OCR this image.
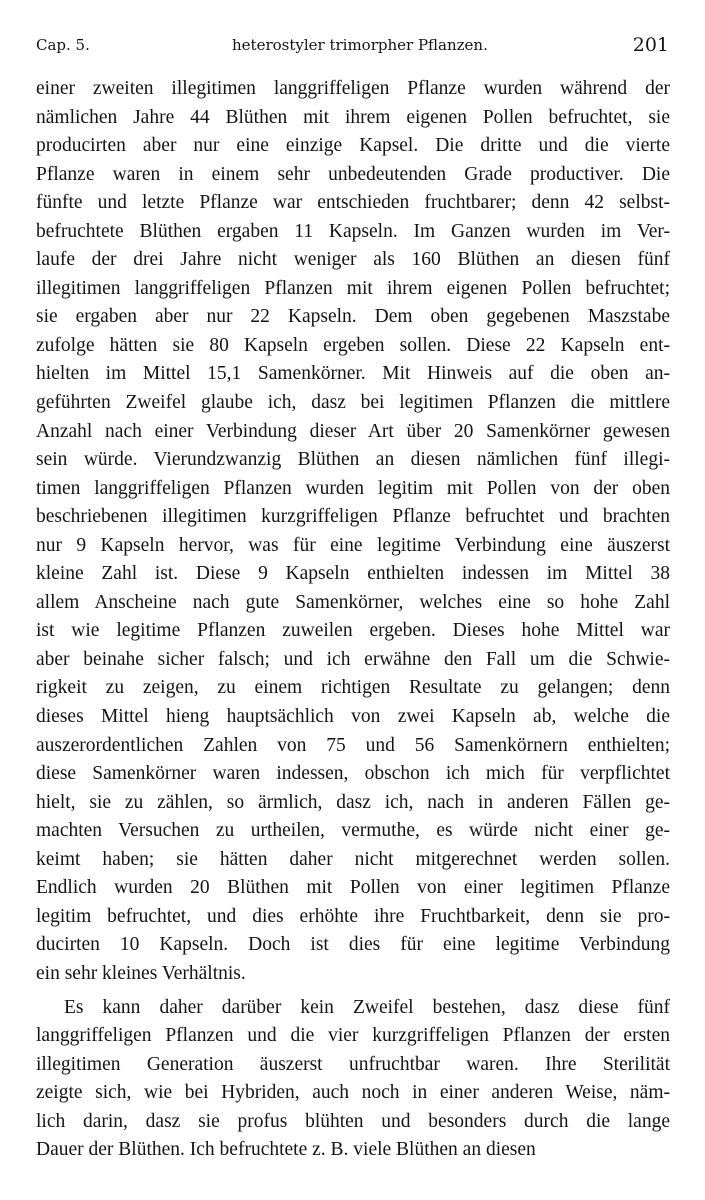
Cap. 5.	heterostyler trimorpher Pflanzen.	201
einer zweiten illegitimen langgriffeligen Pflanze wurden während der
nämlichen Jahre 44 Blüthen mit ihrem eigenen Pollen befruchtet, sie
producirten aber nur eine einzige Kapsel. Die dritte und die vierte
Pflanze waren in einem sehr unbedeutenden Grade productiver. Die
fünfte und letzte Pflanze war entschieden fruchtbarer; denn 42 selbst-
befruchtete Blüthen ergaben 11 Kapseln. Im Ganzen wurden im Ver-
laufe der drei Jahre nicht weniger als 160 Blüthen an diesen fünf
illegitimen langgriffeligen Pflanzen mit ihrem eigenen Pollen befruchtet;
sie ergaben aber nur 22 Kapseln. Dem oben gegebenen Maszstabe
zufolge hätten sie 80 Kapseln ergeben sollen. Diese 22 Kapseln ent-
hielten im Mittel 15,1 Samenkörner. Mit Hinweis auf die oben an-
geführten Zweifel glaube ich, dasz bei legitimen Pflanzen die mittlere
Anzahl nach einer Verbindung dieser Art über 20 Samenkörner gewesen
sein würde. Vierundzwanzig Blüthen an diesen nämlichen fünf illegi-
timen langgriffeligen Pflanzen wurden legitim mit Pollen von der oben
beschriebenen illegitimen kurzgriffeligen Pflanze befruchtet und brachten
nur 9 Kapseln hervor, was für eine legitime Verbindung eine äuszerst
kleine Zahl ist. Diese 9 Kapseln enthielten indessen im Mittel 38
allem Anscheine nach gute Samenkörner, welches eine so hohe Zahl
ist wie legitime Pflanzen zuweilen ergeben. Dieses hohe Mittel war
aber beinahe sicher falsch; und ich erwähne den Fall um die Schwie-
rigkeit zu zeigen, zu einem richtigen Resultate zu gelangen; denn
dieses Mittel hieng hauptsächlich von zwei Kapseln ab, welche die
auszerordentlichen Zahlen von 75 und 56 Samenkörnern enthielten;
diese Samenkörner waren indessen, obschon ich mich für verpflichtet
hielt, sie zu zählen, so ärmlich, dasz ich, nach in anderen Fällen ge-
machten Versuchen zu urtheilen, vermuthe, es würde nicht einer ge-
keimt haben; sie hätten daher nicht mitgerechnet werden sollen.
Endlich wurden 20 Blüthen mit Pollen von einer legitimen Pflanze
legitim befruchtet, und dies erhöhte ihre Fruchtbarkeit, denn sie pro-
ducirten 10 Kapseln. Doch ist dies für eine legitime Verbindung
ein sehr kleines Verhältnis.
Es kann daher darüber kein Zweifel bestehen, dasz diese fünf
langgriffeligen Pflanzen und die vier kurzgriffeligen Pflanzen der ersten
illegitimen Generation äuszerst unfruchtbar waren. Ihre Sterilität
zeigte sich, wie bei Hybriden, auch noch in einer anderen Weise, näm-
lich darin, dasz sie profus blühten und besonders durch die lange
Dauer der Blüthen. Ich befruchtete z. B. viele Blüthen an diesen
